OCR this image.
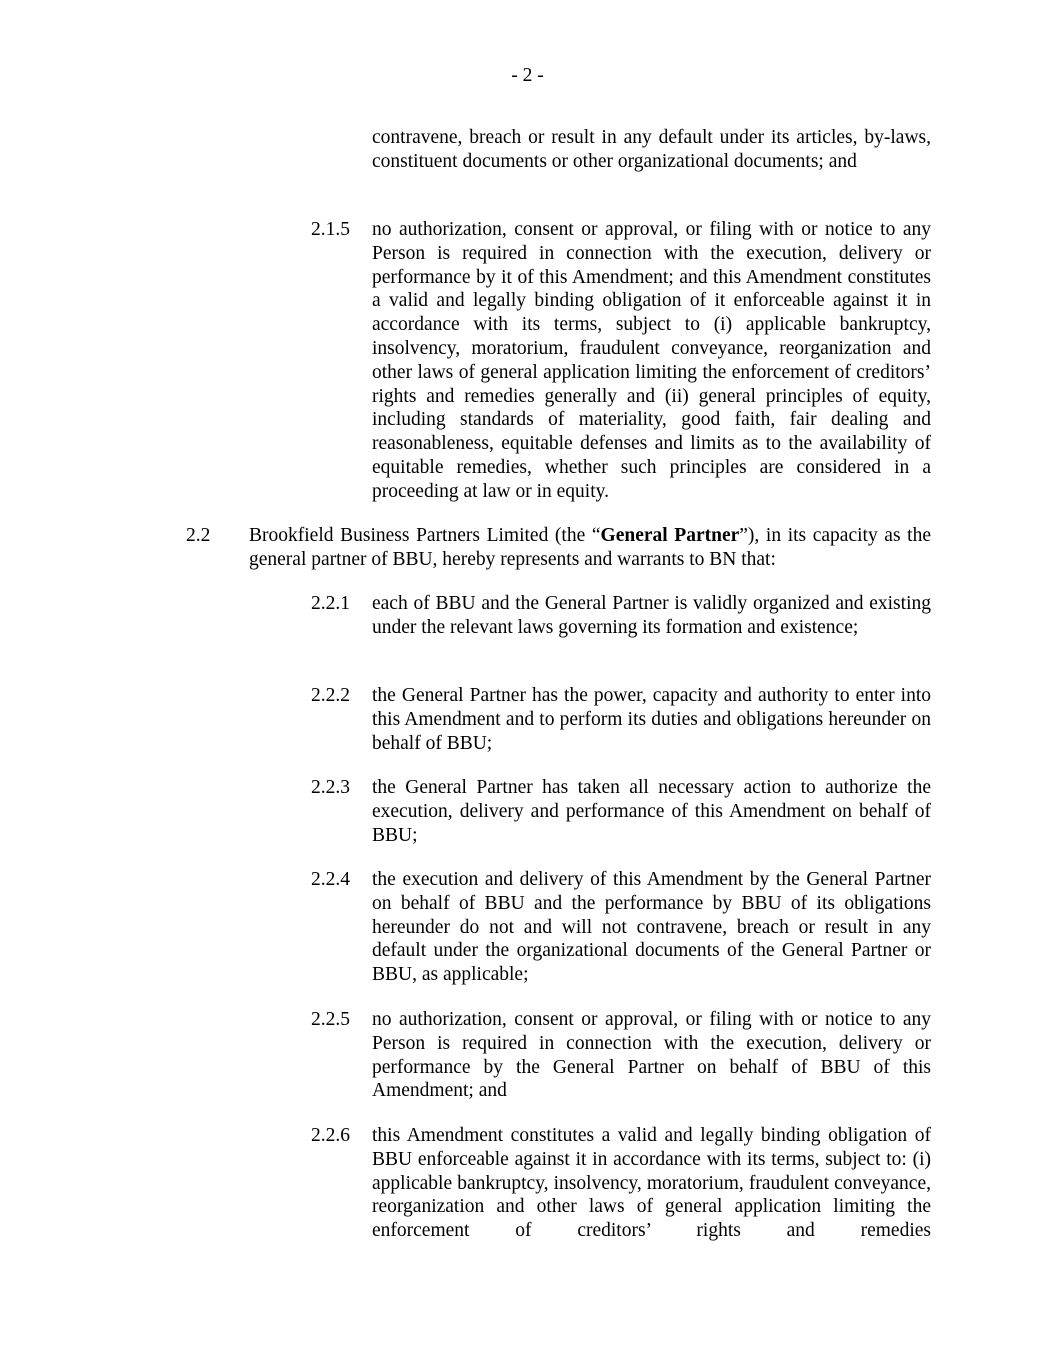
- 2 -

contravene, breach or result in any default under its articles, by-laws, constituent documents or other organizational documents; and

2.1.5 no authorization, consent or approval, or filing with or notice to any Person is required in connection with the execution, delivery or performance by it of this Amendment; and this Amendment constitutes a valid and legally binding obligation of it enforceable against it in accordance with its terms, subject to (i) applicable bankruptcy, insolvency, moratorium, fraudulent conveyance, reorganization and other laws of general application limiting the enforcement of creditors’ rights and remedies generally and (ii) general principles of equity, including standards of materiality, good faith, fair dealing and reasonableness, equitable defenses and limits as to the availability of equitable remedies, whether such principles are considered in a proceeding at law or in equity.

2.2 Brookfield Business Partners Limited (the “General Partner”), in its capacity as the general partner of BBU, hereby represents and warrants to BN that:

2.2.1 each of BBU and the General Partner is validly organized and existing under the relevant laws governing its formation and existence;

2.2.2 the General Partner has the power, capacity and authority to enter into this Amendment and to perform its duties and obligations hereunder on behalf of BBU;

2.2.3 the General Partner has taken all necessary action to authorize the execution, delivery and performance of this Amendment on behalf of BBU;

2.2.4 the execution and delivery of this Amendment by the General Partner on behalf of BBU and the performance by BBU of its obligations hereunder do not and will not contravene, breach or result in any default under the organizational documents of the General Partner or BBU, as applicable;

2.2.5 no authorization, consent or approval, or filing with or notice to any Person is required in connection with the execution, delivery or performance by the General Partner on behalf of BBU of this Amendment; and

2.2.6 this Amendment constitutes a valid and legally binding obligation of BBU enforceable against it in accordance with its terms, subject to: (i) applicable bankruptcy, insolvency, moratorium, fraudulent conveyance, reorganization and other laws of general application limiting the enforcement of creditors’ rights and remedies
